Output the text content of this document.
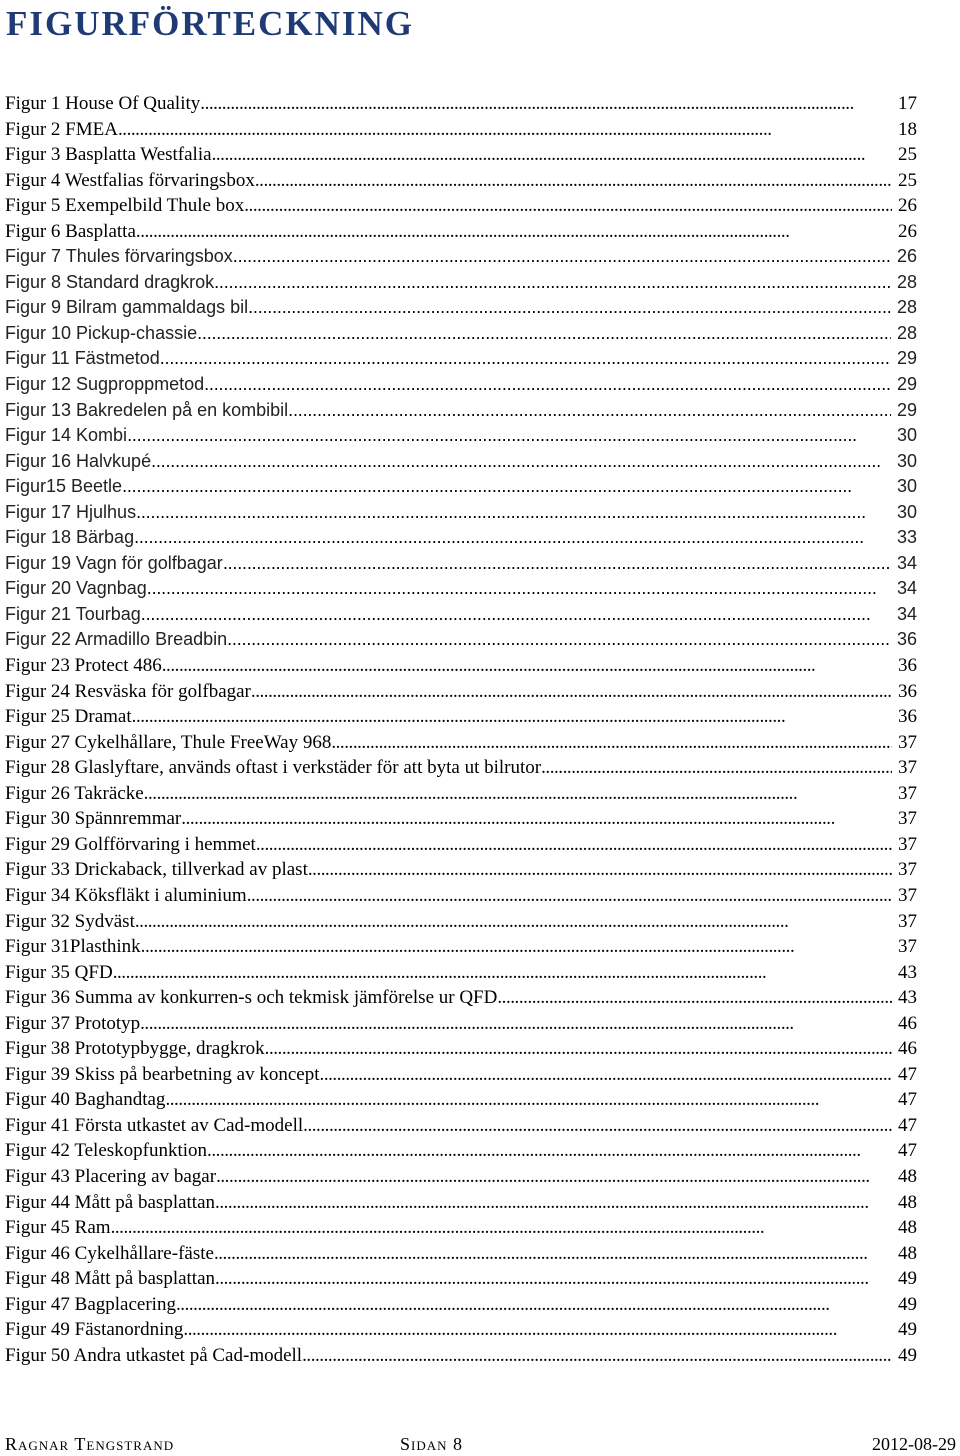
FIGURFÖRTECKNING
Figur 1 House Of Quality . . .	17
Figur 2 FMEA . . .	18
Figur 3 Basplatta Westfalia . . .	25
Figur 4 Westfalias förvaringsbox . . .	25
Figur 5 Exempelbild Thule box . . .	26
Figur 6 Basplatta . . .	26
Figur 7 Thules förvaringsbox . . .	26
Figur 8 Standard dragkrok . . .	28
Figur 9 Bilram gammaldags bil . . .	28
Figur 10 Pickup-chassie . . .	28
Figur 11 Fästmetod . . .	29
Figur 12 Sugproppmetod . . .	29
Figur 13 Bakredelen på en kombibil . . .	29
Figur 14 Kombi . . .	30
Figur 16 Halvkupé . . .	30
Figur15 Beetle . . .	30
Figur 17 Hjulhus . . .	30
Figur 18 Bärbag . . .	33
Figur 19 Vagn för golfbagar . . .	34
Figur 20 Vagnbag . . .	34
Figur 21 Tourbag . . .	34
Figur 22 Armadillo Breadbin . . .	36
Figur 23 Protect 486 . . .	36
Figur 24 Resväska för golfbagar . . .	36
Figur 25 Dramat . . .	36
Figur 27 Cykelhållare, Thule FreeWay 968 . . .	37
Figur 28 Glaslyftare, används oftast i verkstäder för att byta ut bilrutor . . .	37
Figur 26 Takräcke . . .	37
Figur 30 Spännremmar . . .	37
Figur 29 Golfförvaring i hemmet . . .	37
Figur 33 Drickaback, tillverkad av plast . . .	37
Figur 34 Köksfläkt i aluminium . . .	37
Figur 32 Sydväst . . .	37
Figur 31Plasthink . . .	37
Figur 35 QFD . . .	43
Figur 36 Summa av konkurren-s och tekmisk jämförelse ur QFD . . .	43
Figur 37 Prototyp . . .	46
Figur 38 Prototypbygge, dragkrok . . .	46
Figur 39 Skiss på bearbetning av koncept . . .	47
Figur 40 Baghandtag . . .	47
Figur 41 Första utkastet av Cad-modell . . .	47
Figur 42 Teleskopfunktion . . .	47
Figur 43 Placering av bagar . . .	48
Figur 44 Mått på basplattan . . .	48
Figur 45 Ram . . .	48
Figur 46 Cykelhållare-fäste . . .	48
Figur 48 Mått på basplattan . . .	49
Figur 47 Bagplacering . . .	49
Figur 49 Fästanordning . . .	49
Figur 50 Andra utkastet på Cad-modell . . .	49
Ragnar Tengstrand	Sidan 8	2012-08-29
